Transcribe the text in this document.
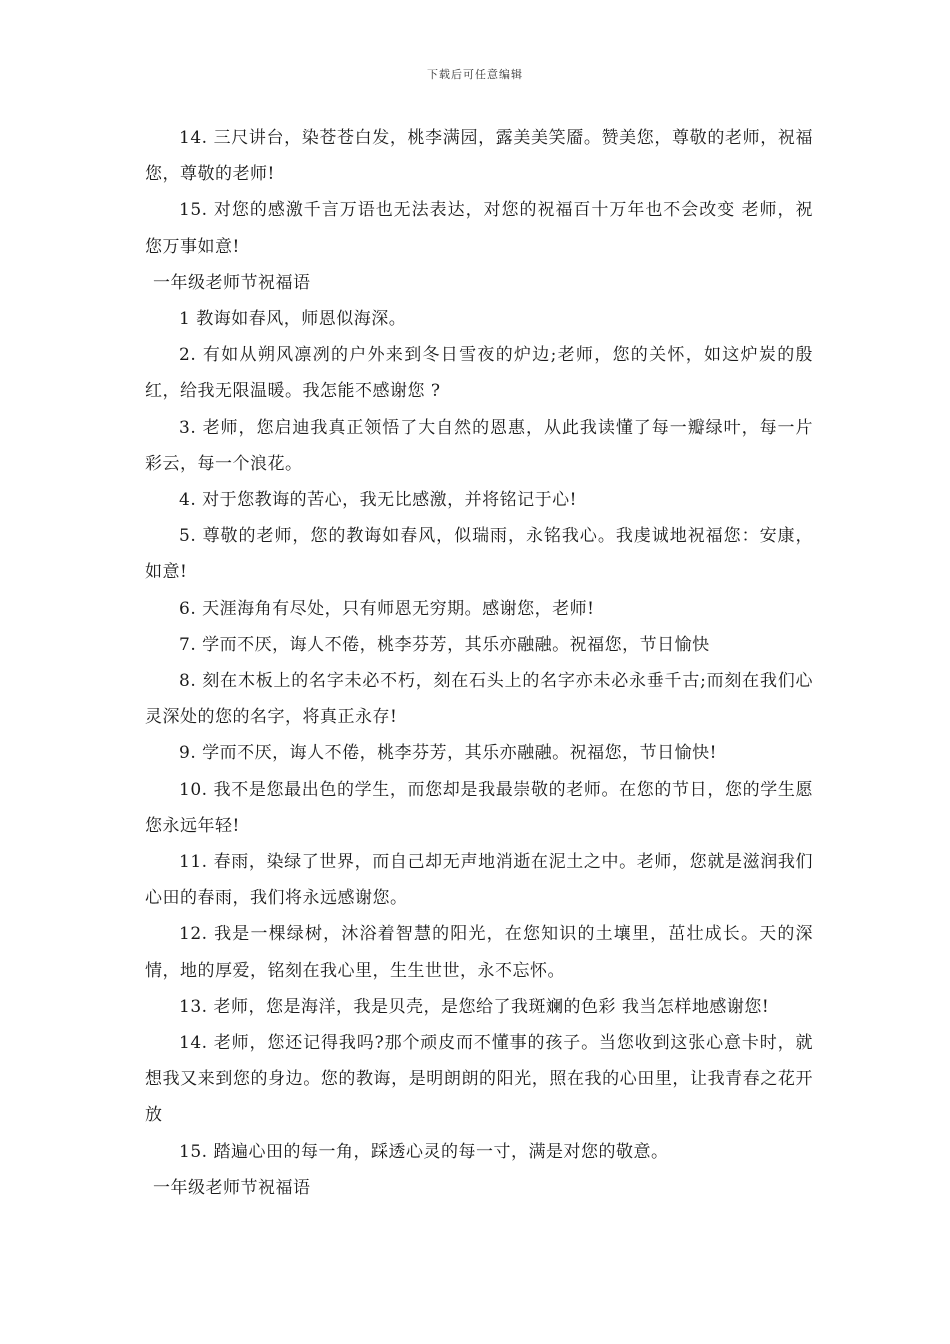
下载后可任意编辑

14. 三尺讲台，染苍苍白发，桃李满园，露美美笑靥。赞美您，尊敬的老师，祝福您，尊敬的老师!

15. 对您的感激千言万语也无法表达，对您的祝福百十万年也不会改变 老师，祝您万事如意!

一年级老师节祝福语

1 教诲如春风，师恩似海深。

2. 有如从朔风凛冽的户外来到冬日雪夜的炉边;老师，您的关怀，如这炉炭的殷红，给我无限温暖。我怎能不感谢您 ?

3. 老师，您启迪我真正领悟了大自然的恩惠，从此我读懂了每一瓣绿叶，每一片彩云，每一个浪花。

4. 对于您教诲的苦心，我无比感激，并将铭记于心!

5. 尊敬的老师，您的教诲如春风，似瑞雨，永铭我心。我虔诚地祝福您：安康，如意!

6. 天涯海角有尽处，只有师恩无穷期。感谢您，老师!

7. 学而不厌，诲人不倦，桃李芬芳，其乐亦融融。祝福您，节日愉快

8. 刻在木板上的名字未必不朽，刻在石头上的名字亦未必永垂千古;而刻在我们心灵深处的您的名字，将真正永存!

9. 学而不厌，诲人不倦，桃李芬芳，其乐亦融融。祝福您，节日愉快!

10. 我不是您最出色的学生，而您却是我最崇敬的老师。在您的节日，您的学生愿您永远年轻!

11. 春雨，染绿了世界，而自己却无声地消逝在泥土之中。老师，您就是滋润我们心田的春雨，我们将永远感谢您。

12. 我是一棵绿树，沐浴着智慧的阳光，在您知识的土壤里，茁壮成长。天的深情，地的厚爱，铭刻在我心里，生生世世，永不忘怀。

13. 老师，您是海洋，我是贝壳，是您给了我斑斓的色彩 我当怎样地感谢您!

14. 老师，您还记得我吗?那个顽皮而不懂事的孩子。当您收到这张心意卡时，就想我又来到您的身边。您的教诲，是明朗朗的阳光，照在我的心田里，让我青春之花开放

15. 踏遍心田的每一角，踩透心灵的每一寸，满是对您的敬意。

一年级老师节祝福语
